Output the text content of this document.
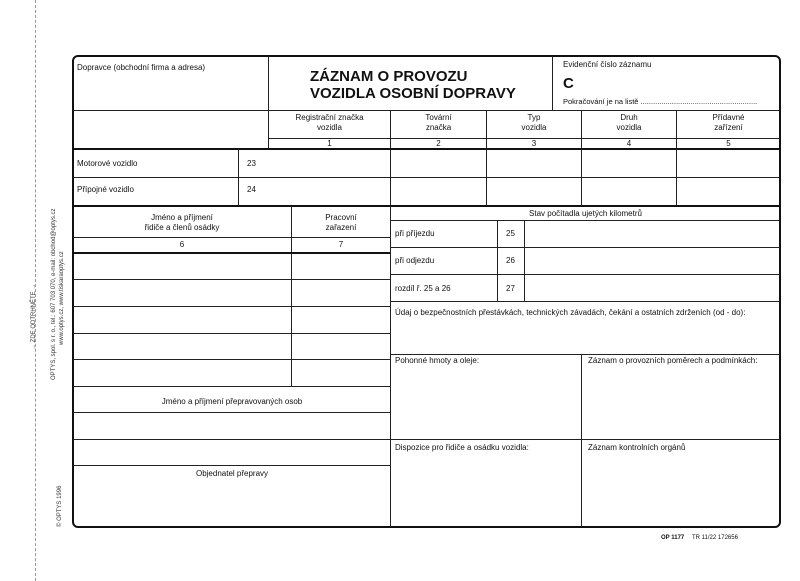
→ ZDE ODTRHNĚTE → OPTYS, spol. s r. o., tel.: 607 703 070, e-mail: obchod@optys.cz www.optys.cz, www.tiskaraoptys.cz
© OPTYS 1996
Dopravce (obchodní firma a adresa)
ZÁZNAM O PROVOZU
VOZIDLA OSOBNÍ DOPRAVY
Evidenční číslo záznamu
C
Pokračování je na listě ........................................................
Registrační značka
vozidla
Tovární
značka
Typ
vozidla
Druh
vozidla
Přídavné
zařízení
1	2	3	4	5
Motorové vozidlo	23
Přípojné vozidlo	24
Jméno a příjmení
řidiče a členů osádky
Pracovní
zařazení
6	7
Jméno a příjmení přepravovaných osob
Objednatel přepravy
Stav počítadla ujetých kilometrů
při příjezdu	25
při odjezdu	26
rozdíl ř. 25 a 26	27
Údaj o bezpečnostních přestávkách, technických závadách, čekání a ostatních zdrženích (od - do):
Pohonné hmoty a oleje:	Záznam o provozních poměrech a podmínkách:
Dispozice pro řidiče a osádku vozidla:	Záznam kontrolních orgánů
OP 1177 TR 11/22 172656
